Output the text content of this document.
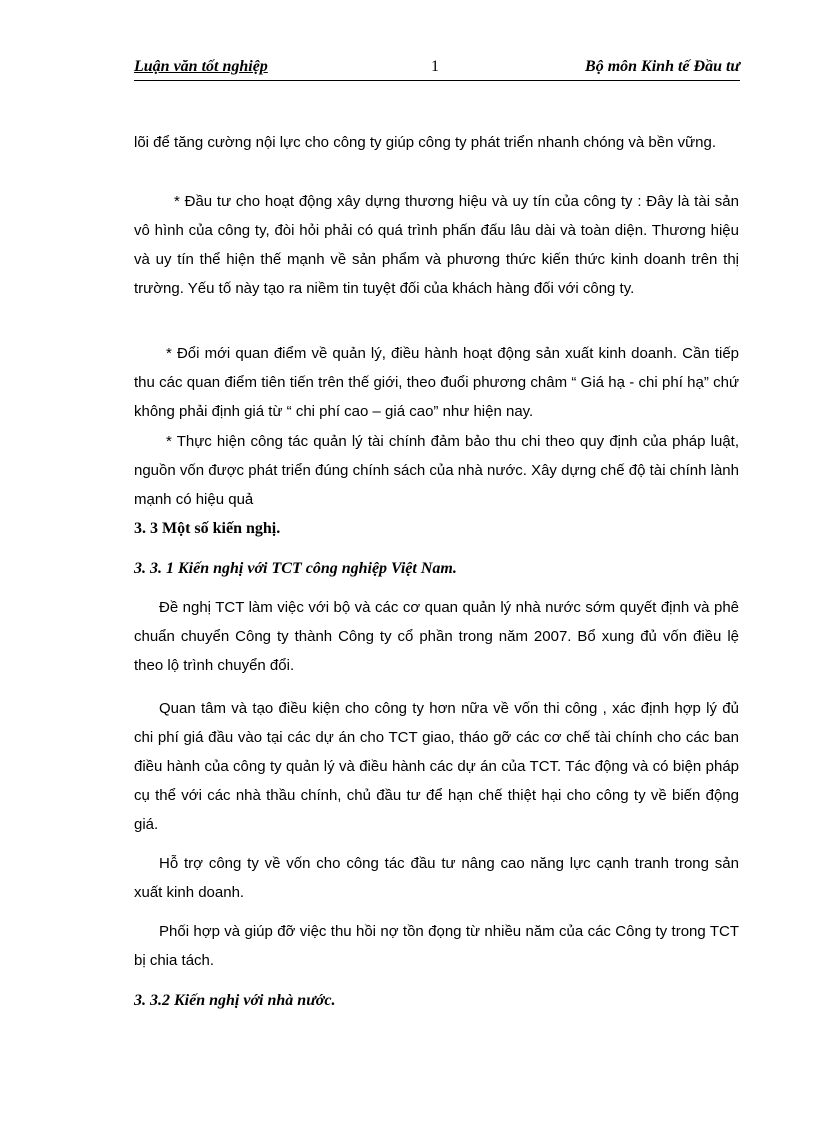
Luận văn tốt nghiệp	1	Bộ môn Kinh tế Đầu tư

lõi để tăng cường nội lực cho công ty giúp công ty phát triển nhanh chóng và bền vững.

* Đầu tư cho hoạt động xây dựng thương hiệu và uy tín của công ty : Đây là tài sản vô hình của công ty, đòi hỏi phải có quá trình phấn đấu lâu dài và toàn diện. Thương hiệu và uy tín thể hiện thế mạnh về sản phẩm và phương thức kiến thức kinh doanh trên thị trường. Yếu tố này tạo ra niềm tin tuyệt đối của khách hàng đối với công ty.

* Đổi mới quan điểm về quản lý, điều hành hoạt động sản xuất kinh doanh. Cần tiếp thu các quan điểm tiên tiến trên thế giới, theo đuổi phương châm “ Giá hạ - chi phí hạ” chứ không phải định giá từ “ chi phí cao – giá cao” như hiện nay.

* Thực hiện công tác quản lý tài chính đảm bảo thu chi theo quy định của pháp luật, nguồn vốn được phát triển đúng chính sách của nhà nước. Xây dựng chế độ tài chính lành mạnh có hiệu quả

3. 3 Một số kiến nghị.
3. 3. 1 Kiến nghị với TCT công nghiệp Việt Nam.

Đề nghị TCT làm việc với bộ và các cơ quan quản lý nhà nước sớm quyết định và phê chuẩn chuyển Công ty thành Công ty cổ phần trong năm 2007. Bổ xung đủ vốn điều lệ theo lộ trình chuyển đổi.

Quan tâm và tạo điều kiện cho công ty hơn nữa về vốn thi công , xác định hợp lý đủ chi phí giá đầu vào tại các dự án cho TCT giao, tháo gỡ các cơ chế tài chính cho các ban điều hành của công ty quản lý và điều hành các dự án của TCT. Tác động và có biện pháp cụ thể với các nhà thầu chính, chủ đầu tư để hạn chế thiệt hại cho công ty về biến động giá.

Hỗ trợ công ty về vốn cho công tác đầu tư nâng cao năng lực cạnh tranh trong sản xuất kinh doanh.

Phối hợp và giúp đỡ việc thu hồi nợ tồn đọng từ nhiều năm của các Công ty trong TCT bị chia tách.

3. 3.2 Kiến nghị với nhà nước.
